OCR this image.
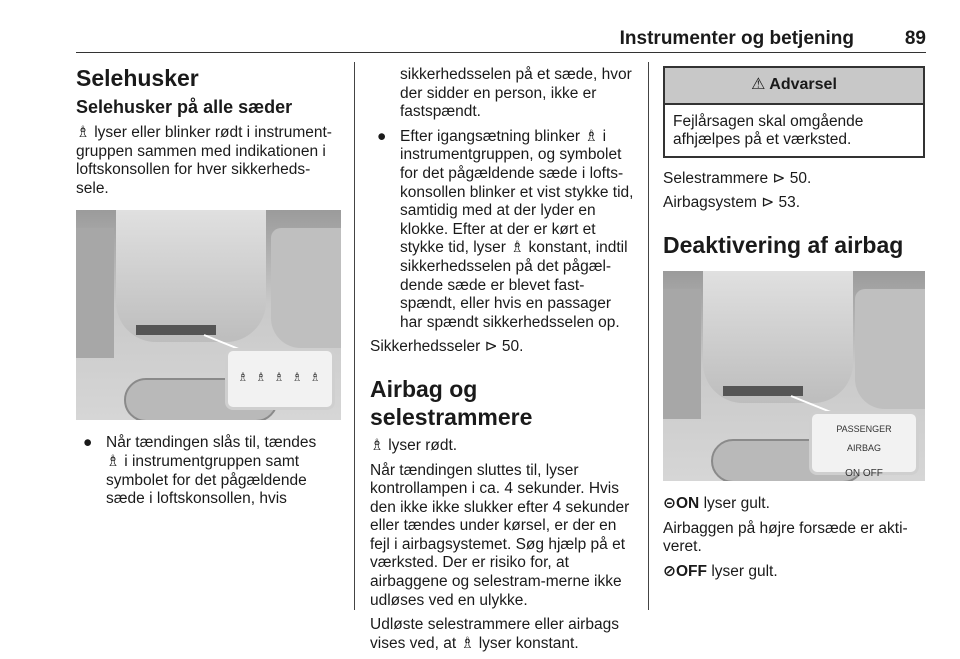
Instrumenter og betjening	89
Selehusker
Selehusker på alle sæder

♗ lyser eller blinker rødt i instrument-gruppen sammen med indikationen i loftskonsollen for hver sikkerheds-sele.

♗ ♗ ♗ ♗ ♗
● Når tændingen slås til, tændes
♗ i instrumentgruppen samt symbolet for det pågældende sæde i loftskonsollen, hvis
sikkerhedsselen på et sæde, hvor der sidder en person, ikke er fastspændt.
● Efter igangsætning blinker ♗ i instrumentgruppen, og symbolet for det pågældende sæde i lofts-konsollen blinker et vist stykke tid, samtidig med at der lyder en klokke. Efter at der er kørt et stykke tid, lyser ♗ konstant, indtil sikkerhedsselen på det pågæl-dende sæde er blevet fast-spændt, eller hvis en passager har spændt sikkerhedsselen op.

Sikkerhedsseler ⊳ 50.

Airbag og selestrammere

♗ lyser rødt.

Når tændingen sluttes til, lyser kontrollampen i ca. 4 sekunder. Hvis den ikke ikke slukker efter 4 sekunder eller tændes under kørsel, er der en fejl i airbagsystemet. Søg hjælp på et værksted. Der er risiko for, at airbaggene og selestram-merne ikke udløses ved en ulykke.

Udløste selestrammere eller airbags vises ved, at ♗ lyser konstant.

⚠ Advarsel
Fejlårsagen skal omgående afhjælpes på et værksted.

Selestrammere ⊳ 50.

Airbagsystem ⊳ 53.

Deaktivering af airbag
PASSENGER
AIRBAG
ON OFF

⊝ON lyser gult.

Airbaggen på højre forsæde er akti-veret.

⊘OFF lyser gult.
